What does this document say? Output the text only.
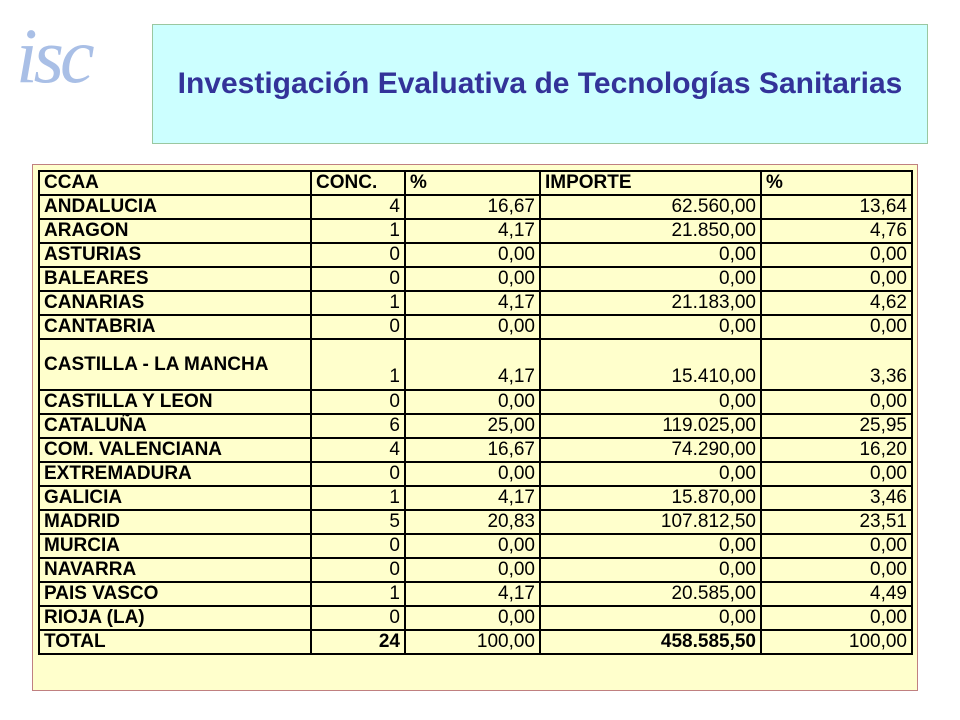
isc	Investigación Evaluativa de Tecnologías Sanitarias
CCAA	CONC.	%	IMPORTE	%
ANDALUCIA	4	16,67	62.560,00	13,64
ARAGON	1	4,17	21.850,00	4,76
ASTURIAS	0	0,00	0,00	0,00
BALEARES	0	0,00	0,00	0,00
CANARIAS	1	4,17	21.183,00	4,62
CANTABRIA	0	0,00	0,00	0,00
CASTILLA - LA MANCHA	1	4,17	15.410,00	3,36
CASTILLA Y LEON	0	0,00	0,00	0,00
CATALUÑA	6	25,00	119.025,00	25,95
COM. VALENCIANA	4	16,67	74.290,00	16,20
EXTREMADURA	0	0,00	0,00	0,00
GALICIA	1	4,17	15.870,00	3,46
MADRID	5	20,83	107.812,50	23,51
MURCIA	0	0,00	0,00	0,00
NAVARRA	0	0,00	0,00	0,00
PAIS VASCO	1	4,17	20.585,00	4,49
RIOJA (LA)	0	0,00	0,00	0,00
TOTAL	24	100,00	458.585,50	100,00
